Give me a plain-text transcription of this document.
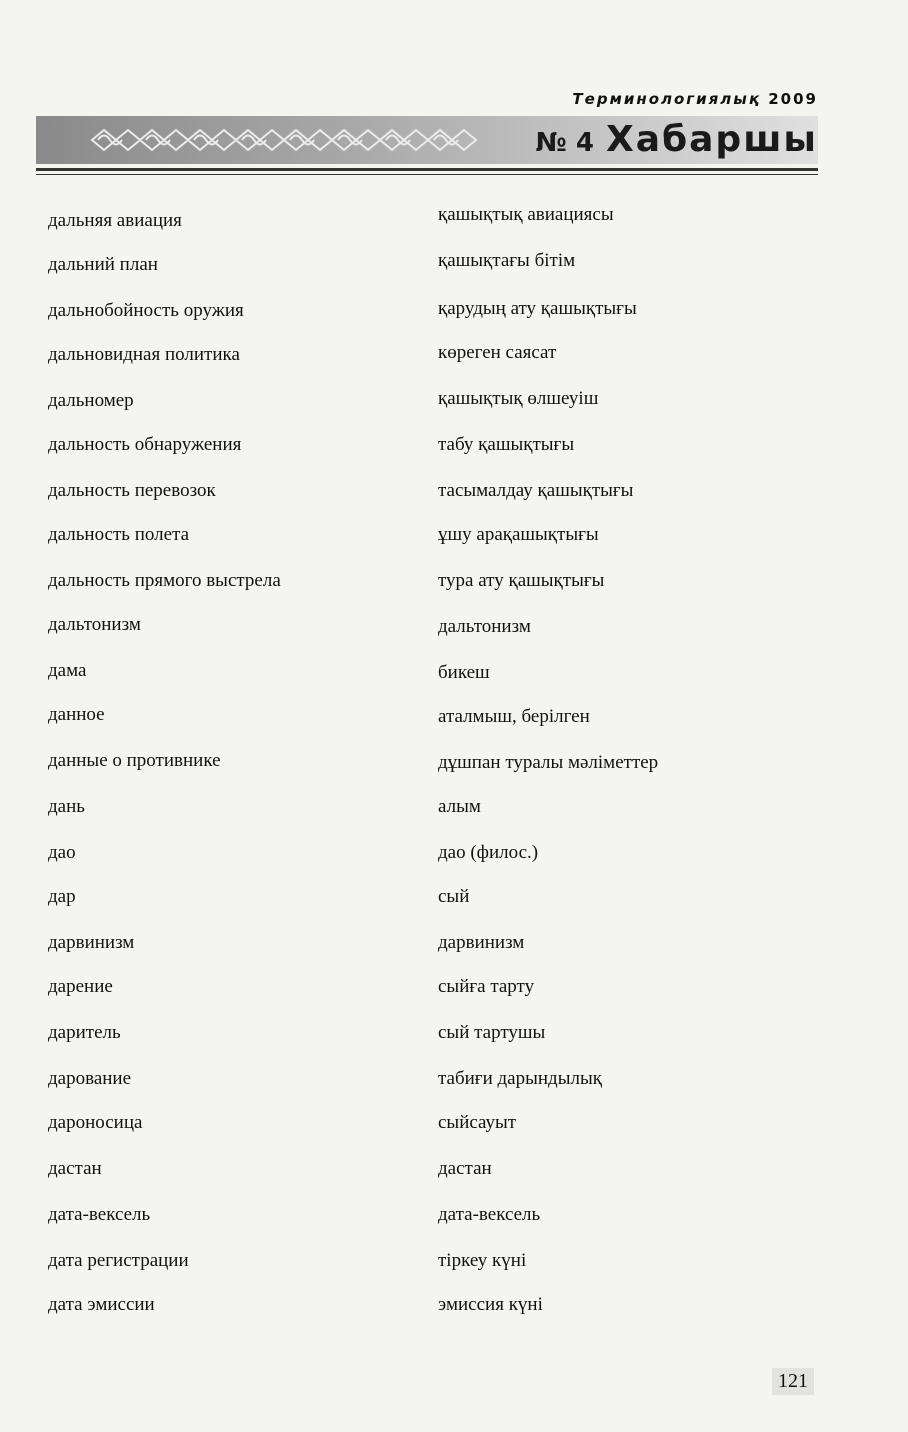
Терминологиялық 2009
№ 4 Хабаршы
дальняя авиация	қашықтық авиациясы
дальний план	қашықтағы бітім
дальнобойность оружия	қарудың ату қашықтығы
дальновидная политика	көреген саясат
дальномер	қашықтық өлшеуіш
дальность обнаружения	табу қашықтығы
дальность перевозок	тасымалдау қашықтығы
дальность полета	ұшу арақашықтығы
дальность прямого выстрела	тура ату қашықтығы
дальтонизм	дальтонизм
дама	бикеш
данное	аталмыш, берілген
данные о противнике	дұшпан туралы мәліметтер
дань	алым
дао	дао (филос.)
дар	сый
дарвинизм	дарвинизм
дарение	сыйға тарту
даритель	сый тартушы
дарование	табиғи дарындылық
дароносица	сыйсауыт
дастан	дастан
дата-вексель	дата-вексель
дата регистрации	тіркеу күні
дата эмиссии	эмиссия күні
121
